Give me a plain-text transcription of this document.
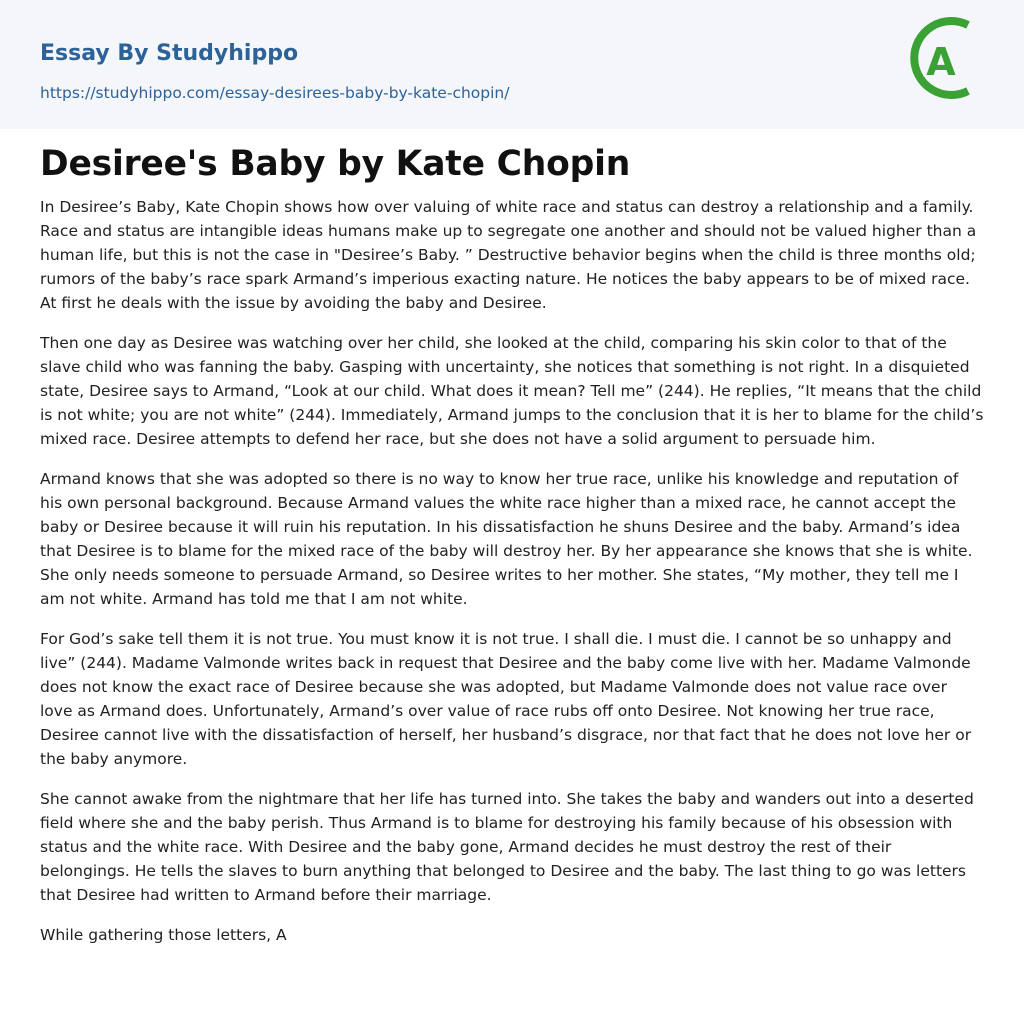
Essay By Studyhippo
https://studyhippo.com/essay-desirees-baby-by-kate-chopin/
A
Desiree's Baby by Kate Chopin

In Desiree’s Baby, Kate Chopin shows how over valuing of white race and status can destroy a relationship and a family. Race and status are intangible ideas humans make up to segregate one another and should not be valued higher than a human life, but this is not the case in "Desiree’s Baby. ” Destructive behavior begins when the child is three months old; rumors of the baby’s race spark Armand’s imperious exacting nature. He notices the baby appears to be of mixed race. At first he deals with the issue by avoiding the baby and Desiree.

Then one day as Desiree was watching over her child, she looked at the child, comparing his skin color to that of the slave child who was fanning the baby. Gasping with uncertainty, she notices that something is not right. In a disquieted state, Desiree says to Armand, “Look at our child. What does it mean? Tell me” (244). He replies, “It means that the child is not white; you are not white” (244). Immediately, Armand jumps to the conclusion that it is her to blame for the child’s mixed race. Desiree attempts to defend her race, but she does not have a solid argument to persuade him.

Armand knows that she was adopted so there is no way to know her true race, unlike his knowledge and reputation of his own personal background. Because Armand values the white race higher than a mixed race, he cannot accept the baby or Desiree because it will ruin his reputation. In his dissatisfaction he shuns Desiree and the baby. Armand’s idea that Desiree is to blame for the mixed race of the baby will destroy her. By her appearance she knows that she is white. She only needs someone to persuade Armand, so Desiree writes to her mother. She states, “My mother, they tell me I am not white. Armand has told me that I am not white.

For God’s sake tell them it is not true. You must know it is not true. I shall die. I must die. I cannot be so unhappy and live” (244). Madame Valmonde writes back in request that Desiree and the baby come live with her. Madame Valmonde does not know the exact race of Desiree because she was adopted, but Madame Valmonde does not value race over love as Armand does. Unfortunately, Armand’s over value of race rubs off onto Desiree. Not knowing her true race, Desiree cannot live with the dissatisfaction of herself, her husband’s disgrace, nor that fact that he does not love her or the baby anymore.

She cannot awake from the nightmare that her life has turned into. She takes the baby and wanders out into a deserted field where she and the baby perish. Thus Armand is to blame for destroying his family because of his obsession with status and the white race. With Desiree and the baby gone, Armand decides he must destroy the rest of their belongings. He tells the slaves to burn anything that belonged to Desiree and the baby. The last thing to go was letters that Desiree had written to Armand before their marriage.

While gathering those letters, A
